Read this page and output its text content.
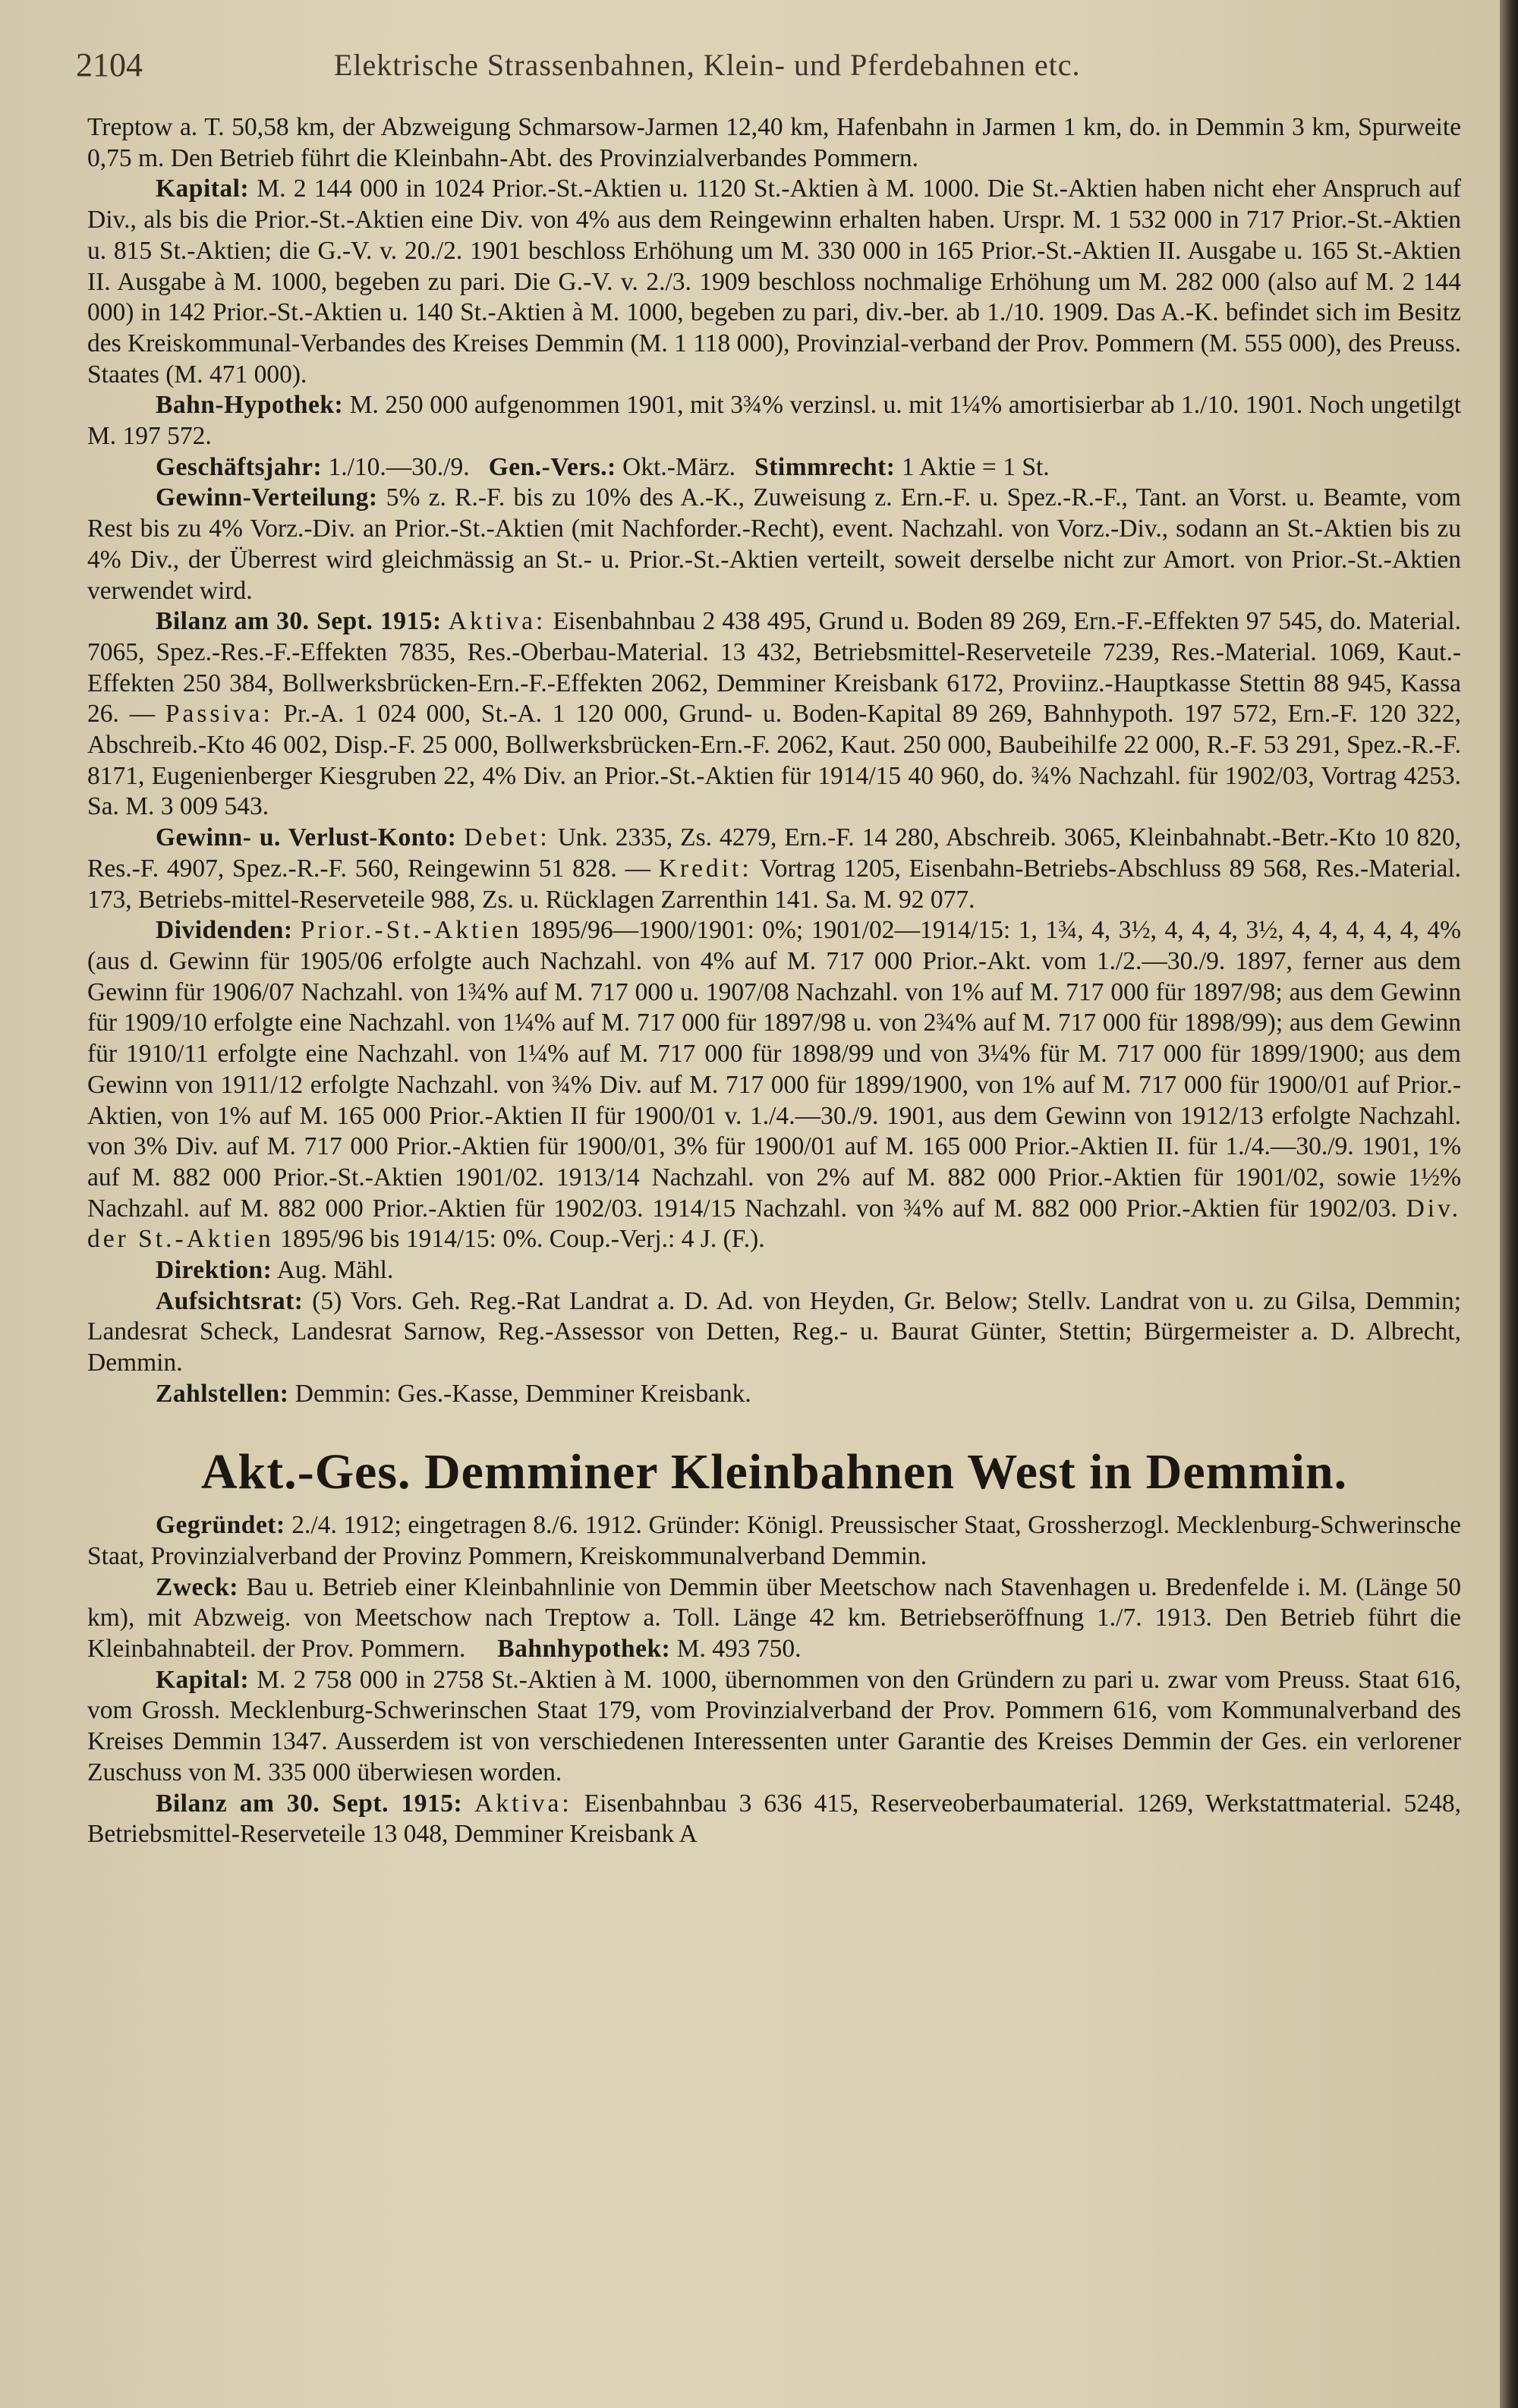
2104	Elektrische Strassenbahnen, Klein- und Pferdebahnen etc.

Treptow a. T. 50,58 km, der Abzweigung Schmarsow-Jarmen 12,40 km, Hafenbahn in Jarmen 1 km, do. in Demmin 3 km, Spurweite 0,75 m. Den Betrieb führt die Kleinbahn-Abt. des Provinzialverbandes Pommern.

Kapital: M. 2 144 000 in 1024 Prior.-St.-Aktien u. 1120 St.-Aktien à M. 1000. Die St.-Aktien haben nicht eher Anspruch auf Div., als bis die Prior.-St.-Aktien eine Div. von 4% aus dem Reingewinn erhalten haben. Urspr. M. 1 532 000 in 717 Prior.-St.-Aktien u. 815 St.-Aktien; die G.-V. v. 20./2. 1901 beschloss Erhöhung um M. 330 000 in 165 Prior.-St.-Aktien II. Ausgabe u. 165 St.-Aktien II. Ausgabe à M. 1000, begeben zu pari. Die G.-V. v. 2./3. 1909 beschloss nochmalige Erhöhung um M. 282 000 (also auf M. 2 144 000) in 142 Prior.-St.-Aktien u. 140 St.-Aktien à M. 1000, begeben zu pari, div.-ber. ab 1./10. 1909. Das A.-K. befindet sich im Besitz des Kreiskommunal-Verbandes des Kreises Demmin (M. 1 118 000), Provinzial-verband der Prov. Pommern (M. 555 000), des Preuss. Staates (M. 471 000).

Bahn-Hypothek: M. 250 000 aufgenommen 1901, mit 3¾% verzinsl. u. mit 1¼% amortisierbar ab 1./10. 1901. Noch ungetilgt M. 197 572.

Geschäftsjahr: 1./10.—30./9. Gen.-Vers.: Okt.-März. Stimmrecht: 1 Aktie = 1 St.

Gewinn-Verteilung: 5% z. R.-F. bis zu 10% des A.-K., Zuweisung z. Ern.-F. u. Spez.-R.-F., Tant. an Vorst. u. Beamte, vom Rest bis zu 4% Vorz.-Div. an Prior.-St.-Aktien (mit Nachforder.-Recht), event. Nachzahl. von Vorz.-Div., sodann an St.-Aktien bis zu 4% Div., der Überrest wird gleichmässig an St.- u. Prior.-St.-Aktien verteilt, soweit derselbe nicht zur Amort. von Prior.-St.-Aktien verwendet wird.

Bilanz am 30. Sept. 1915: Aktiva: Eisenbahnbau 2 438 495, Grund u. Boden 89 269, Ern.-F.-Effekten 97 545, do. Material. 7065, Spez.-Res.-F.-Effekten 7835, Res.-Oberbau-Material. 13 432, Betriebsmittel-Reserveteile 7239, Res.-Material. 1069, Kaut.-Effekten 250 384, Bollwerksbrücken-Ern.-F.-Effekten 2062, Demminer Kreisbank 6172, Proviinz.-Hauptkasse Stettin 88 945, Kassa 26. — Passiva: Pr.-A. 1 024 000, St.-A. 1 120 000, Grund- u. Boden-Kapital 89 269, Bahnhypoth. 197 572, Ern.-F. 120 322, Abschreib.-Kto 46 002, Disp.-F. 25 000, Bollwerksbrücken-Ern.-F. 2062, Kaut. 250 000, Baubeihilfe 22 000, R.-F. 53 291, Spez.-R.-F. 8171, Eugenienberger Kiesgruben 22, 4% Div. an Prior.-St.-Aktien für 1914/15 40 960, do. ¾% Nachzahl. für 1902/03, Vortrag 4253. Sa. M. 3 009 543.

Gewinn- u. Verlust-Konto: Debet: Unk. 2335, Zs. 4279, Ern.-F. 14 280, Abschreib. 3065, Kleinbahnabt.-Betr.-Kto 10 820, Res.-F. 4907, Spez.-R.-F. 560, Reingewinn 51 828. — Kredit: Vortrag 1205, Eisenbahn-Betriebs-Abschluss 89 568, Res.-Material. 173, Betriebs-mittel-Reserveteile 988, Zs. u. Rücklagen Zarrenthin 141. Sa. M. 92 077.

Dividenden: Prior.-St.-Aktien 1895/96—1900/1901: 0%; 1901/02—1914/15: 1, 1¾, 4, 3½, 4, 4, 4, 3½, 4, 4, 4, 4, 4, 4% (aus d. Gewinn für 1905/06 erfolgte auch Nachzahl. von 4% auf M. 717 000 Prior.-Akt. vom 1./2.—30./9. 1897, ferner aus dem Gewinn für 1906/07 Nachzahl. von 1¾% auf M. 717 000 u. 1907/08 Nachzahl. von 1% auf M. 717 000 für 1897/98; aus dem Gewinn für 1909/10 erfolgte eine Nachzahl. von 1¼% auf M. 717 000 für 1897/98 u. von 2¾% auf M. 717 000 für 1898/99); aus dem Gewinn für 1910/11 erfolgte eine Nachzahl. von 1¼% auf M. 717 000 für 1898/99 und von 3¼% für M. 717 000 für 1899/1900; aus dem Gewinn von 1911/12 erfolgte Nachzahl. von ¾% Div. auf M. 717 000 für 1899/1900, von 1% auf M. 717 000 für 1900/01 auf Prior.-Aktien, von 1% auf M. 165 000 Prior.-Aktien II für 1900/01 v. 1./4.—30./9. 1901, aus dem Gewinn von 1912/13 erfolgte Nachzahl. von 3% Div. auf M. 717 000 Prior.-Aktien für 1900/01, 3% für 1900/01 auf M. 165 000 Prior.-Aktien II. für 1./4.—30./9. 1901, 1% auf M. 882 000 Prior.-St.-Aktien 1901/02. 1913/14 Nachzahl. von 2% auf M. 882 000 Prior.-Aktien für 1901/02, sowie 1½% Nachzahl. auf M. 882 000 Prior.-Aktien für 1902/03. 1914/15 Nachzahl. von ¾% auf M. 882 000 Prior.-Aktien für 1902/03. Div. der St.-Aktien 1895/96 bis 1914/15: 0%. Coup.-Verj.: 4 J. (F.).

Direktion: Aug. Mähl.

Aufsichtsrat: (5) Vors. Geh. Reg.-Rat Landrat a. D. Ad. von Heyden, Gr. Below; Stellv. Landrat von u. zu Gilsa, Demmin; Landesrat Scheck, Landesrat Sarnow, Reg.-Assessor von Detten, Reg.- u. Baurat Günter, Stettin; Bürgermeister a. D. Albrecht, Demmin.

Zahlstellen: Demmin: Ges.-Kasse, Demminer Kreisbank.

Akt.-Ges. Demminer Kleinbahnen West in Demmin.

Gegründet: 2./4. 1912; eingetragen 8./6. 1912. Gründer: Königl. Preussischer Staat, Grossherzogl. Mecklenburg-Schwerinsche Staat, Provinzialverband der Provinz Pommern, Kreiskommunalverband Demmin.

Zweck: Bau u. Betrieb einer Kleinbahnlinie von Demmin über Meetschow nach Stavenhagen u. Bredenfelde i. M. (Länge 50 km), mit Abzweig. von Meetschow nach Treptow a. Toll. Länge 42 km. Betriebseröffnung 1./7. 1913. Den Betrieb führt die Kleinbahnabteil. der Prov. Pommern. Bahnhypothek: M. 493 750.

Kapital: M. 2 758 000 in 2758 St.-Aktien à M. 1000, übernommen von den Gründern zu pari u. zwar vom Preuss. Staat 616, vom Grossh. Mecklenburg-Schwerinschen Staat 179, vom Provinzialverband der Prov. Pommern 616, vom Kommunalverband des Kreises Demmin 1347. Ausserdem ist von verschiedenen Interessenten unter Garantie des Kreises Demmin der Ges. ein verlorener Zuschuss von M. 335 000 überwiesen worden.

Bilanz am 30. Sept. 1915: Aktiva: Eisenbahnbau 3 636 415, Reserveoberbaumaterial. 1269, Werkstattmaterial. 5248, Betriebsmittel-Reserveteile 13 048, Demminer Kreisbank A
